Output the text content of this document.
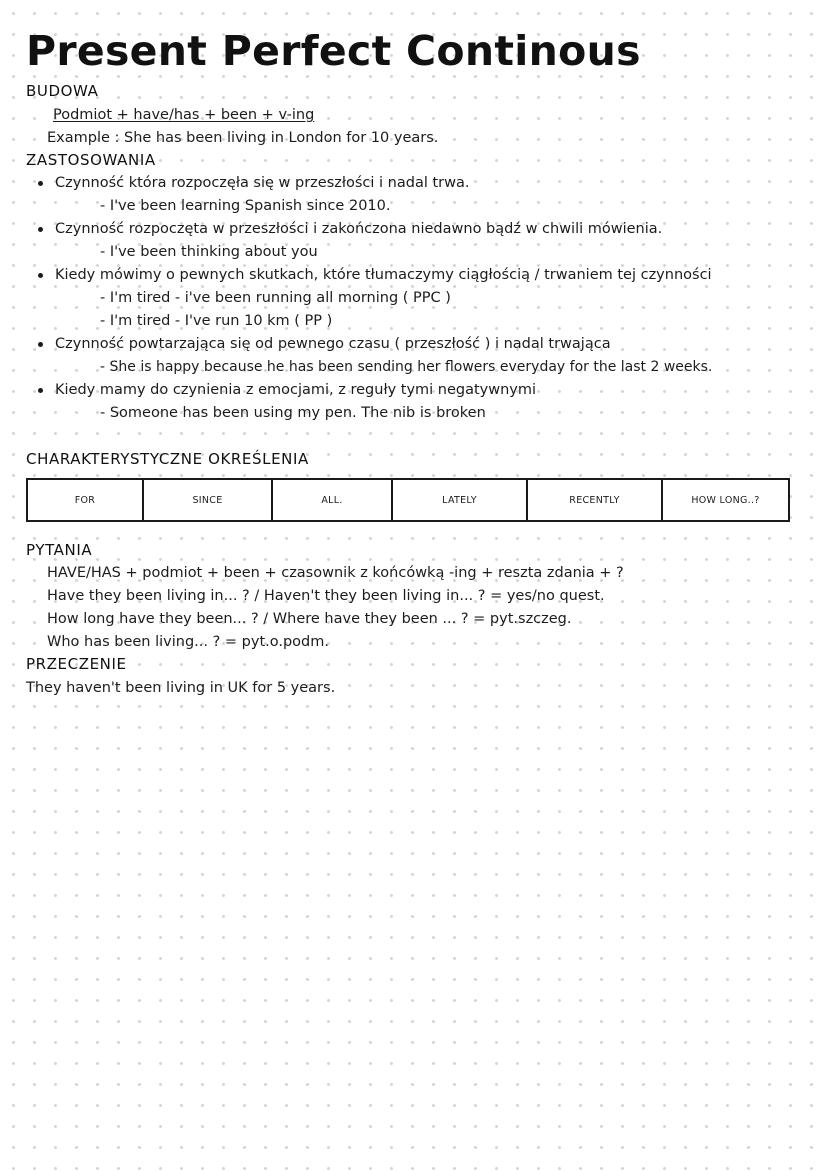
Present Perfect Continous
BUDOWA
Podmiot + have/has + been + v-ing
Example : She has been living in London for 10 years.
ZASTOSOWANIA
Czynność która rozpoczęła się w przeszłości i nadal trwa.
- I've been learning Spanish since 2010.
Czynność rozpoczęta w przeszłości i zakończona niedawno bądź w chwili mówienia.
- I've been thinking about you
Kiedy mówimy o pewnych skutkach, które tłumaczymy ciągłością / trwaniem tej czynności
- I'm tired - i've been running all morning ( PPC )
- I'm tired - I've run 10 km ( PP )
Czynność powtarzająca się od pewnego czasu ( przeszłość ) i nadal trwająca
- She is happy because he has been sending her flowers everyday for the last 2 weeks.
Kiedy mamy do czynienia z emocjami, z reguły tymi negatywnymi
- Someone has been using my pen. The nib is broken
CHARAKTERYSTYCZNE OKREŚLENIA
FOR	SINCE	ALL.	LATELY	RECENTLY	HOW LONG..?
PYTANIA
HAVE/HAS + podmiot + been + czasownik z końcówką -ing + reszta zdania + ?
Have they been living in... ? / Haven't they been living in... ? = yes/no quest.
How long have they been... ? / Where have they been ... ? = pyt.szczeg.
Who has been living... ? = pyt.o.podm.
PRZECZENIE
They haven't been living in UK for 5 years.
